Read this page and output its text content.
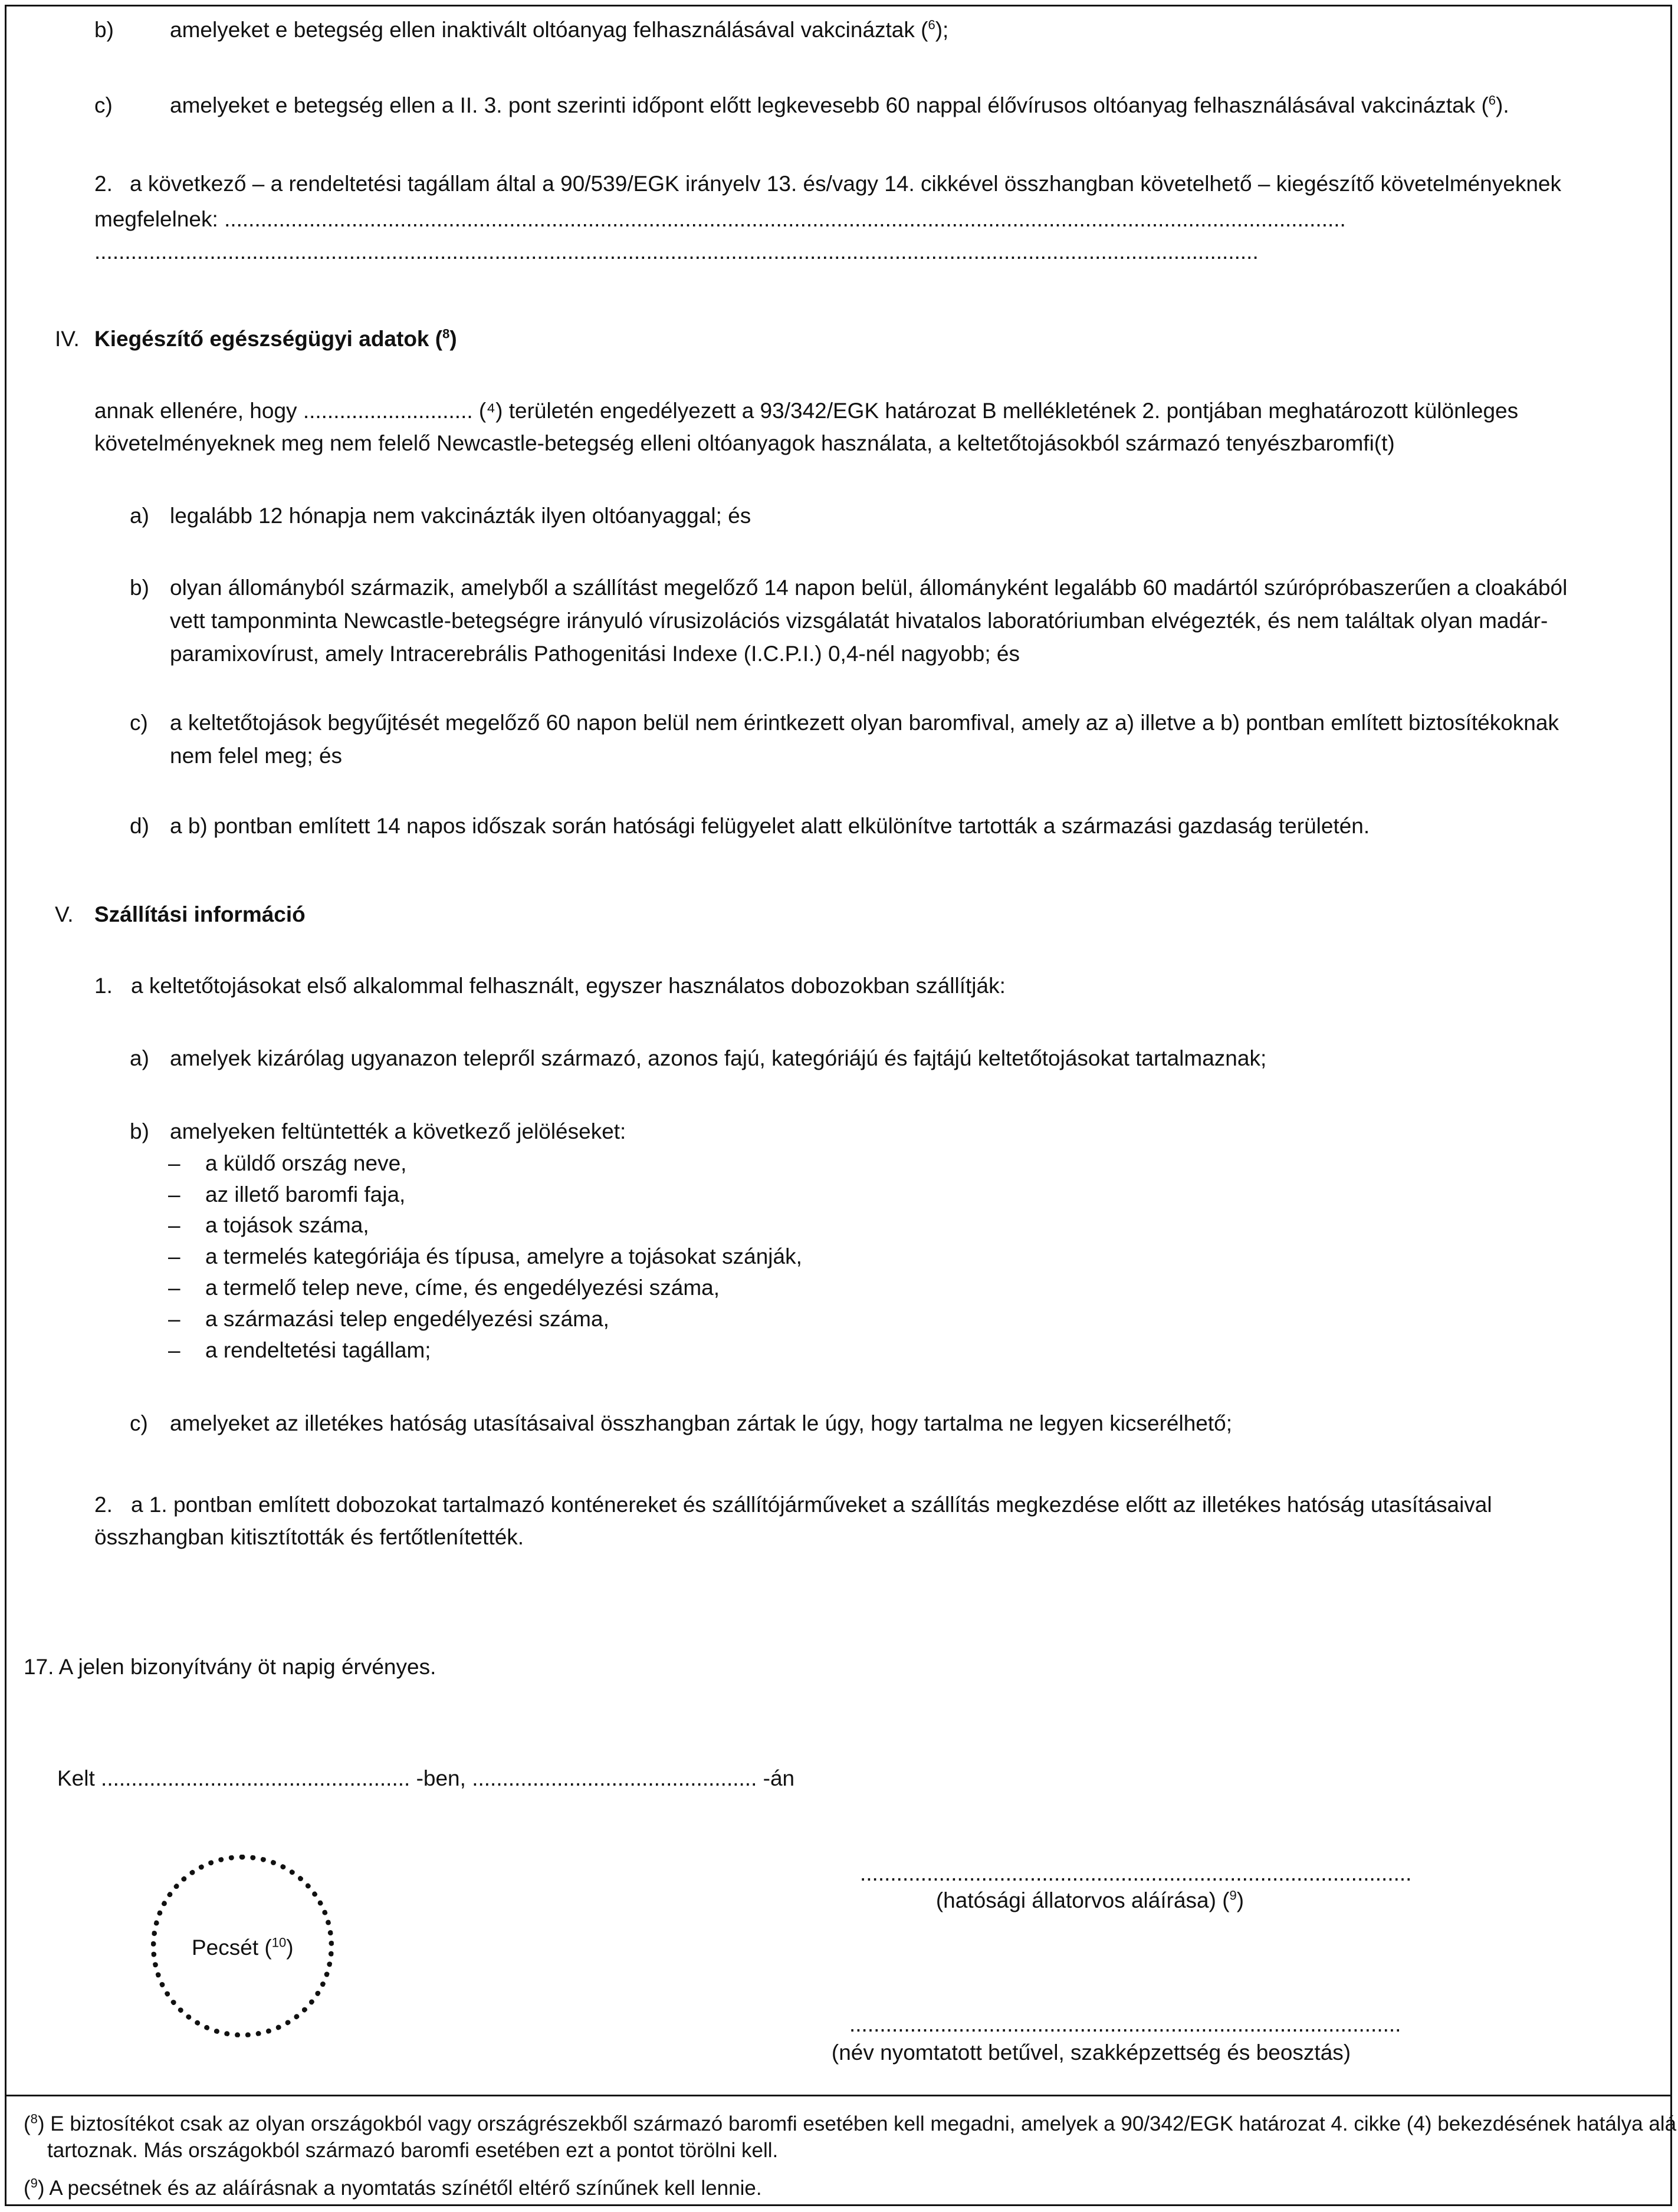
b)	amelyeket e betegség ellen inaktivált oltóanyag felhasználásával vakcináztak ($^6$);
c)	amelyeket e betegség ellen a II. 3. pont szerinti időpont előtt legkevesebb 60 nappal élővírusos oltóanyag felhasználásával vakcináztak ($^6$).
2. a következő – a rendeltetési tagállam által a 90/539/EGK irányelv 13. és/vagy 14. cikkével összhangban követelhető – kiegészítő követelményeknek
megfelelnek: .........................................................................................................................................................................................
................................................................................................................................................................................................
IV. Kiegészítő egészségügyi adatok ($^8$)
annak ellenére, hogy ............................ (⁴) területén engedélyezett a 93/342/EGK határozat B mellékletének 2. pontjában meghatározott különleges
követelményeknek meg nem felelő Newcastle-betegség elleni oltóanyagok használata, a keltetőtojásokból származó tenyészbaromfi(t)
a) legalább 12 hónapja nem vakcinázták ilyen oltóanyaggal; és
b) olyan állományból származik, amelyből a szállítást megelőző 14 napon belül, állományként legalább 60 madártól szúrópróbaszerűen a cloakából
vett tamponminta Newcastle-betegségre irányuló vírusizolációs vizsgálatát hivatalos laboratóriumban elvégezték, és nem találtak olyan madár-
paramixovírust, amely Intracerebrális Pathogenitási Indexe (I.C.P.I.) 0,4-nél nagyobb; és
c) a keltetőtojások begyűjtését megelőző 60 napon belül nem érintkezett olyan baromfival, amely az a) illetve a b) pontban említett biztosítékoknak
nem felel meg; és
d) a b) pontban említett 14 napos időszak során hatósági felügyelet alatt elkülönítve tartották a származási gazdaság területén.
V. Szállítási információ
1. a keltetőtojásokat első alkalommal felhasznált, egyszer használatos dobozokban szállítják:
a) amelyek kizárólag ugyanazon telepről származó, azonos fajú, kategóriájú és fajtájú keltetőtojásokat tartalmaznak;
b) amelyeken feltüntették a következő jelöléseket:
– a küldő ország neve,
– az illető baromfi faja,
– a tojások száma,
– a termelés kategóriája és típusa, amelyre a tojásokat szánják,
– a termelő telep neve, címe, és engedélyezési száma,
– a származási telep engedélyezési száma,
– a rendeltetési tagállam;
c) amelyeket az illetékes hatóság utasításaival összhangban zártak le úgy, hogy tartalma ne legyen kicserélhető;
2. a 1. pontban említett dobozokat tartalmazó konténereket és szállítójárműveket a szállítás megkezdése előtt az illetékes hatóság utasításaival
összhangban kitisztították és fertőtlenítették.
17. A jelen bizonyítvány öt napig érvényes.
Kelt ................................................... -ben, ............................................... -án
Pecsét ($^{10}$)
...........................................................................................
(hatósági állatorvos aláírása) ($^9$)
...........................................................................................
(név nyomtatott betűvel, szakképzettség és beosztás)
($^8$) E biztosítékot csak az olyan országokból vagy országrészekből származó baromfi esetében kell megadni, amelyek a 90/342/EGK határozat 4. cikke (4) bekezdésének hatálya alá
tartoznak. Más országokból származó baromfi esetében ezt a pontot törölni kell.
($^9$) A pecsétnek és az aláírásnak a nyomtatás színétől eltérő színűnek kell lennie.
